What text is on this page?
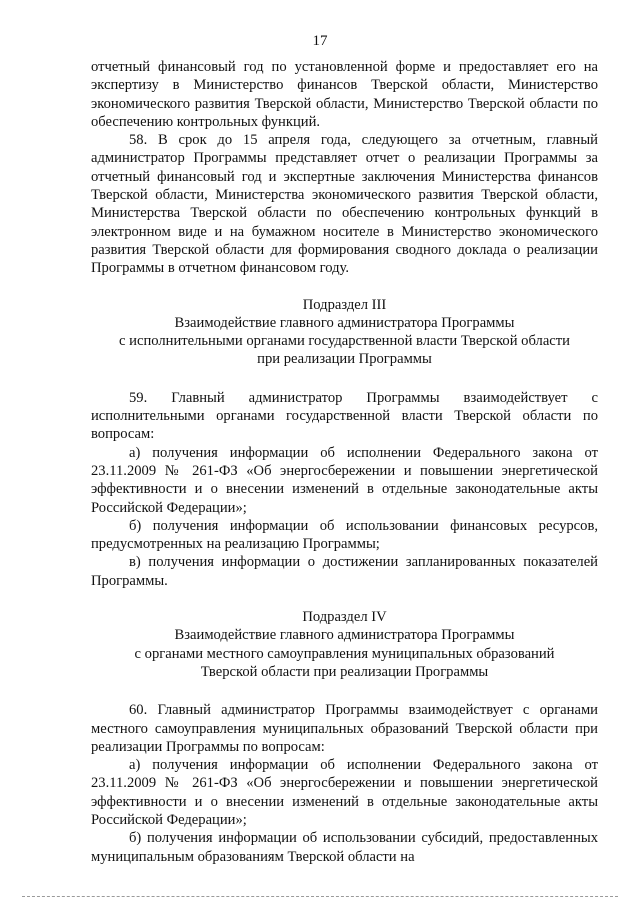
17

отчетный финансовый год по установленной форме и предоставляет его на экспертизу в Министерство финансов Тверской области, Министерство экономического развития Тверской области, Министерство Тверской области по обеспечению контрольных функций.

58. В срок до 15 апреля года, следующего за отчетным, главный администратор Программы представляет отчет о реализации Программы за отчетный финансовый год и экспертные заключения Министерства финансов Тверской области, Министерства экономического развития Тверской области, Министерства Тверской области по обеспечению контрольных функций в электронном виде и на бумажном носителе в Министерство экономического развития Тверской области для формирования сводного доклада о реализации Программы в отчетном финансовом году.

Подраздел III
Взаимодействие главного администратора Программы
с исполнительными органами государственной власти Тверской области
при реализации Программы

59. Главный администратор Программы взаимодействует с исполнительными органами государственной власти Тверской области по вопросам:

а) получения информации об исполнении Федерального закона от 23.11.2009 № 261-ФЗ «Об энергосбережении и повышении энергетической эффективности и о внесении изменений в отдельные законодательные акты Российской Федерации»;

б) получения информации об использовании финансовых ресурсов, предусмотренных на реализацию Программы;

в) получения информации о достижении запланированных показателей Программы.

Подраздел IV
Взаимодействие главного администратора Программы
с органами местного самоуправления муниципальных образований
Тверской области при реализации Программы

60. Главный администратор Программы взаимодействует с органами местного самоуправления муниципальных образований Тверской области при реализации Программы по вопросам:

а) получения информации об исполнении Федерального закона от 23.11.2009 № 261-ФЗ «Об энергосбережении и повышении энергетической эффективности и о внесении изменений в отдельные законодательные акты Российской Федерации»;

б) получения информации об использовании субсидий, предоставленных муниципальным образованиям Тверской области на
